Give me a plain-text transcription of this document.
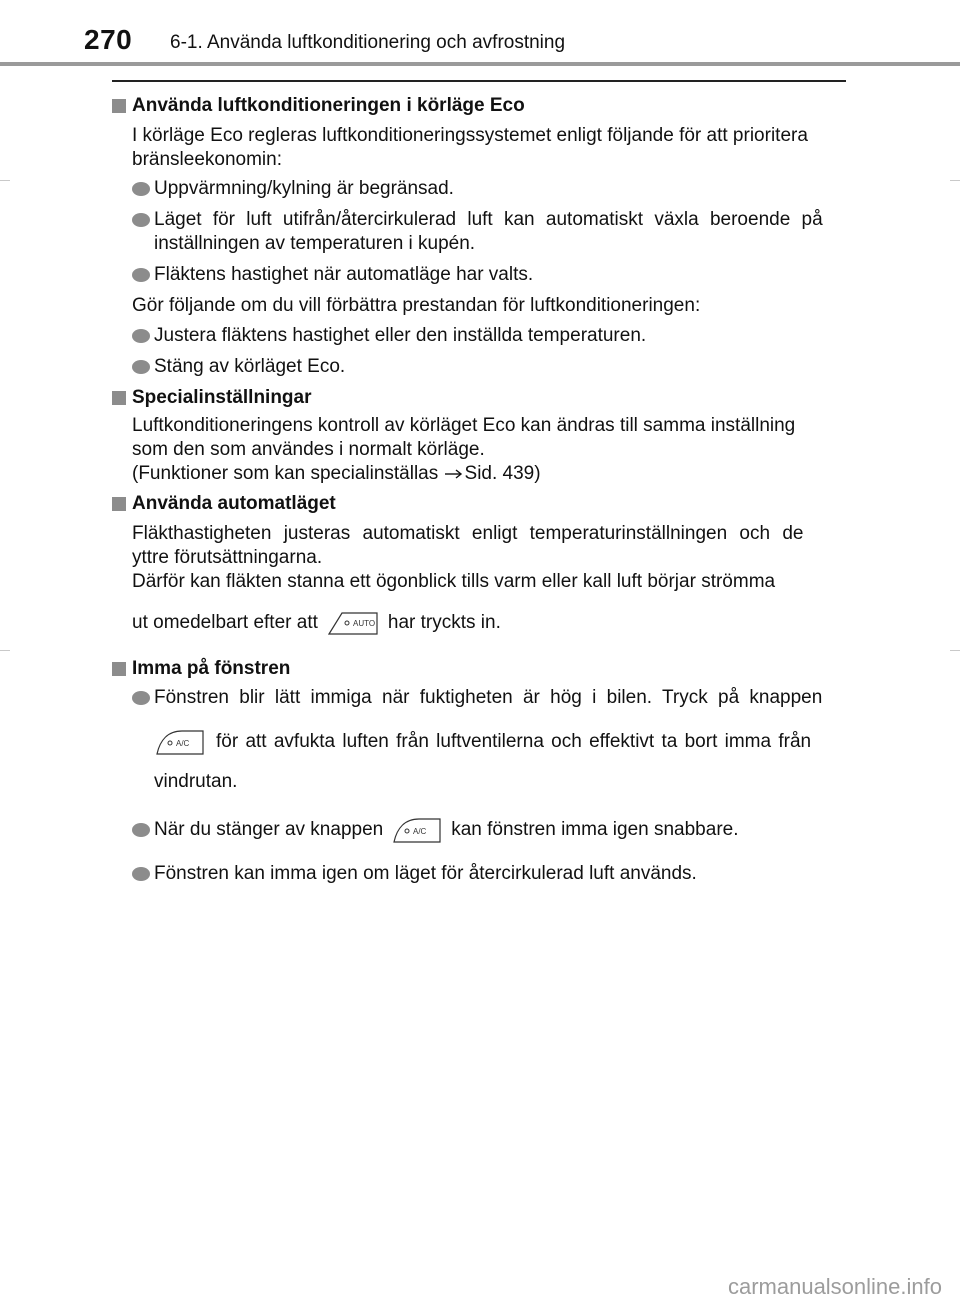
270 6-1. Använda luftkonditionering och avfrostning
Använda luftkonditioneringen i körläge Eco
I körläge Eco regleras luftkonditioneringssystemet enligt följande för att prioritera
bränsleekonomin:
Uppvärmning/kylning är begränsad.
Läget för luft utifrån/återcirkulerad luft kan automatiskt växla beroende på
inställningen av temperaturen i kupén.
Fläktens hastighet när automatläge har valts.
Gör följande om du vill förbättra prestandan för luftkonditioneringen:
Justera fläktens hastighet eller den inställda temperaturen.
Stäng av körläget Eco.
Specialinställningar
Luftkonditioneringens kontroll av körläget Eco kan ändras till samma inställning
som den som användes i normalt körläge.
(Funktioner som kan specialinställas Sid. 439)
Använda automatläget
Fläkthastigheten justeras automatiskt enligt temperaturinställningen och de
yttre förutsättningarna.
Därför kan fläkten stanna ett ögonblick tills varm eller kall luft börjar strömma
ut omedelbart efter att	AUTO har tryckts in.
Imma på fönstren
Fönstren blir lätt immiga när fuktigheten är hög i bilen. Tryck på knappen
A/C för att avfukta luften från luftventilerna och effektivt ta bort imma från
vindrutan.
När du stänger av knappen	A/C kan fönstren imma igen snabbare.
Fönstren kan imma igen om läget för återcirkulerad luft används.
carmanualsonline.info
